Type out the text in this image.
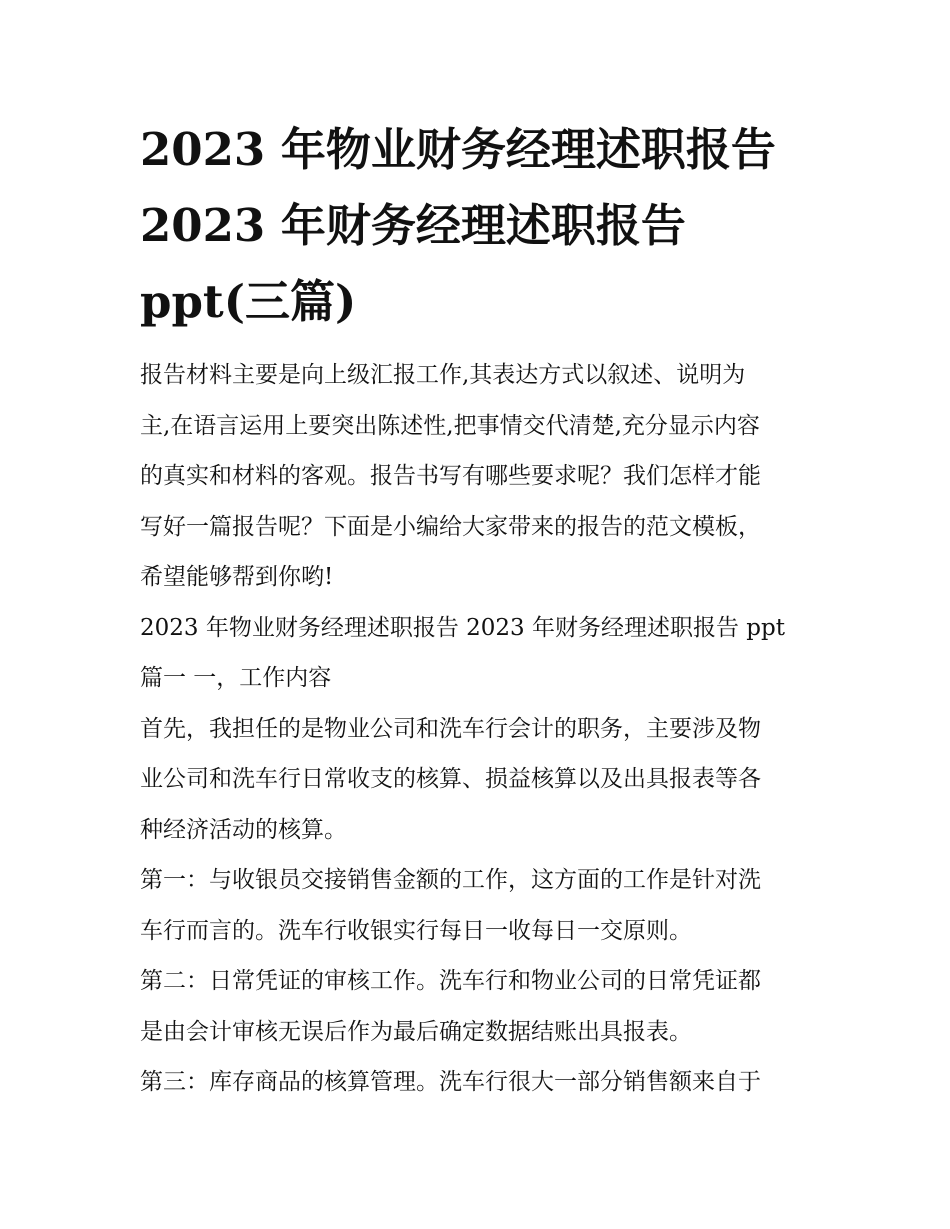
2023 年物业财务经理述职报告
2023 年财务经理述职报告
ppt(三篇)
报告材料主要是向上级汇报工作,其表达方式以叙述、说明为
主,在语言运用上要突出陈述性,把事情交代清楚,充分显示内容
的真实和材料的客观。报告书写有哪些要求呢？我们怎样才能
写好一篇报告呢？下面是小编给大家带来的报告的范文模板，
希望能够帮到你哟!
2023 年物业财务经理述职报告 2023 年财务经理述职报告 ppt
篇一 一，工作内容
首先，我担任的是物业公司和洗车行会计的职务，主要涉及物
业公司和洗车行日常收支的核算、损益核算以及出具报表等各
种经济活动的核算。
第一：与收银员交接销售金额的工作，这方面的工作是针对洗
车行而言的。洗车行收银实行每日一收每日一交原则。
第二：日常凭证的审核工作。洗车行和物业公司的日常凭证都
是由会计审核无误后作为最后确定数据结账出具报表。
第三：库存商品的核算管理。洗车行很大一部分销售额来自于
